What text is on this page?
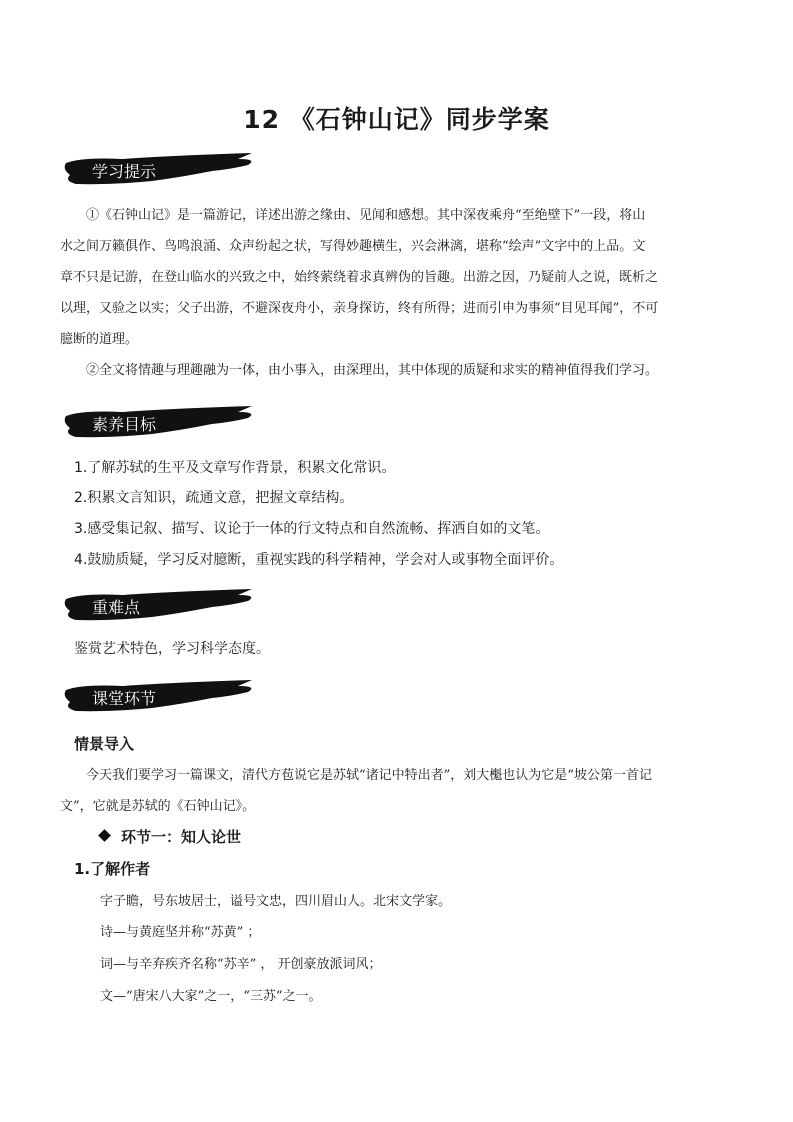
12 《石钟山记》同步学案
学习提示
①《石钟山记》是一篇游记，详述出游之缘由、见闻和感想。其中深夜乘舟“至绝壁下”一段，将山
水之间万籁俱作、鸟鸣浪涌、众声纷起之状，写得妙趣横生，兴会淋漓，堪称“绘声”文字中的上品。文
章不只是记游，在登山临水的兴致之中，始终萦绕着求真辨伪的旨趣。出游之因，乃疑前人之说，既析之
以理，又验之以实；父子出游，不避深夜舟小，亲身探访，终有所得；进而引申为事须“目见耳闻”，不可
臆断的道理。
②全文将情趣与理趣融为一体，由小事入，由深理出，其中体现的质疑和求实的精神值得我们学习。
素养目标
1.了解苏轼的生平及文章写作背景，积累文化常识。
2.积累文言知识，疏通文意，把握文章结构。
3.感受集记叙、描写、议论于一体的行文特点和自然流畅、挥洒自如的文笔。
4.鼓励质疑，学习反对臆断，重视实践的科学精神，学会对人或事物全面评价。
重难点
鉴赏艺术特色，学习科学态度。
课堂环节
情景导入
今天我们要学习一篇课文，清代方苞说它是苏轼“诸记中特出者”，刘大櫆也认为它是“坡公第一首记
文”，它就是苏轼的《石钟山记》。
环节一：知人论世
1.了解作者
字子瞻，号东坡居士，谥号文忠，四川眉山人。北宋文学家。
诗—与黄庭坚并称“苏黄” ；
词—与辛弃疾齐名称“苏辛” ， 开创豪放派词风；
文—“唐宋八大家”之一，“三苏”之一。
